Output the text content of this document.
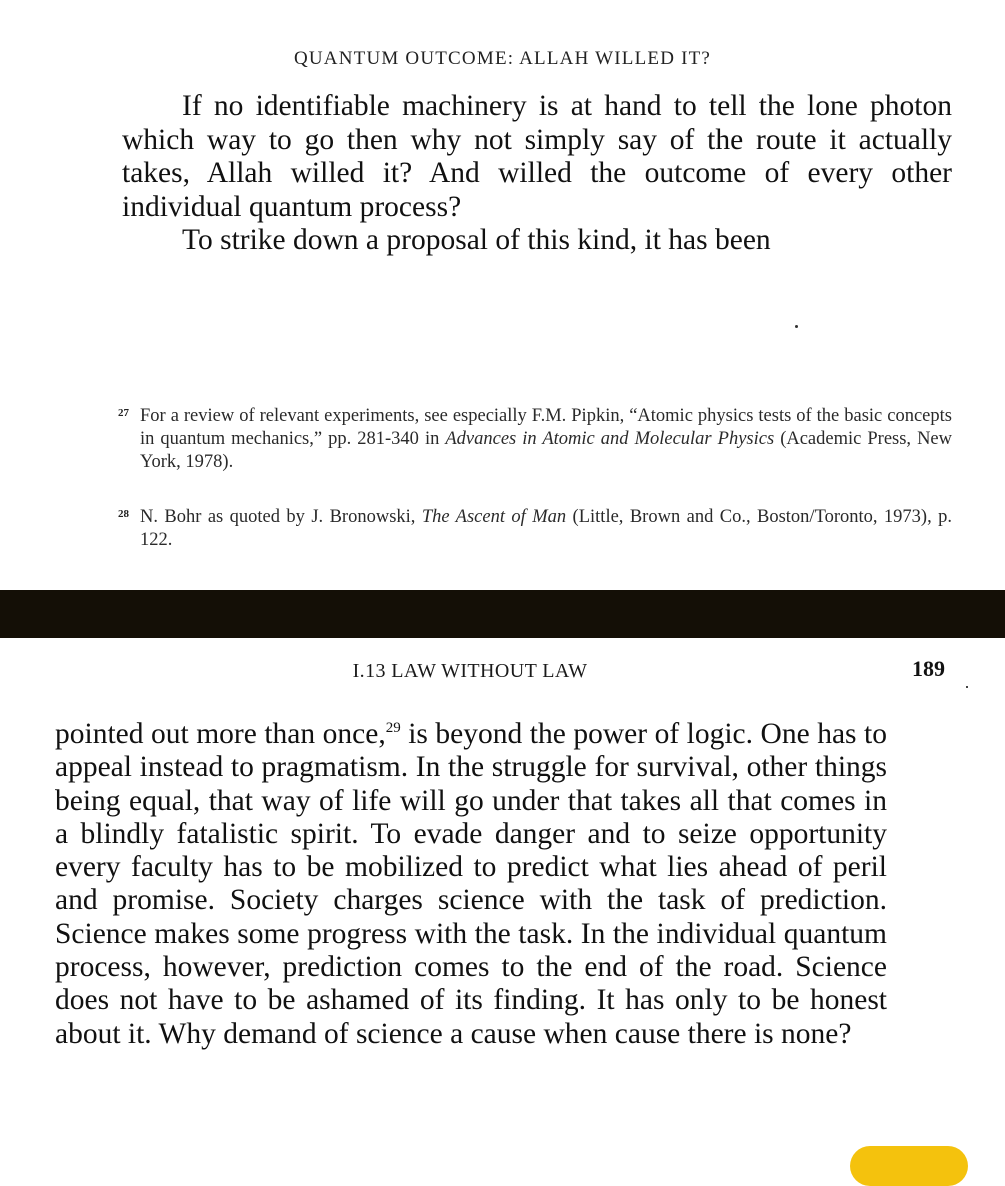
QUANTUM OUTCOME: ALLAH WILLED IT?

If no identifiable machinery is at hand to tell the lone photon which way to go then why not simply say of the route it actually takes, Allah willed it? And willed the outcome of every other individual quantum process?

To strike down a proposal of this kind, it has been

27 For a review of relevant experiments, see especially F.M. Pipkin, “Atomic physics tests of the basic concepts in quantum mechanics,” pp. 281-340 in Advances in Atomic and Molecular Physics (Academic Press, New York, 1978).

28 N. Bohr as quoted by J. Bronowski, The Ascent of Man (Little, Brown and Co., Boston/Toronto, 1973), p. 122.

I.13 LAW WITHOUT LAW	189

pointed out more than once,$^{29}$ is beyond the power of logic. One has to appeal instead to pragmatism. In the struggle for survival, other things being equal, that way of life will go under that takes all that comes in a blindly fatalistic spirit. To evade danger and to seize opportunity every faculty has to be mobilized to predict what lies ahead of peril and promise. Society charges science with the task of prediction. Science makes some progress with the task. In the individual quantum process, however, prediction comes to the end of the road. Science does not have to be ashamed of its finding. It has only to be honest about it. Why demand of science a cause when cause there is none?
